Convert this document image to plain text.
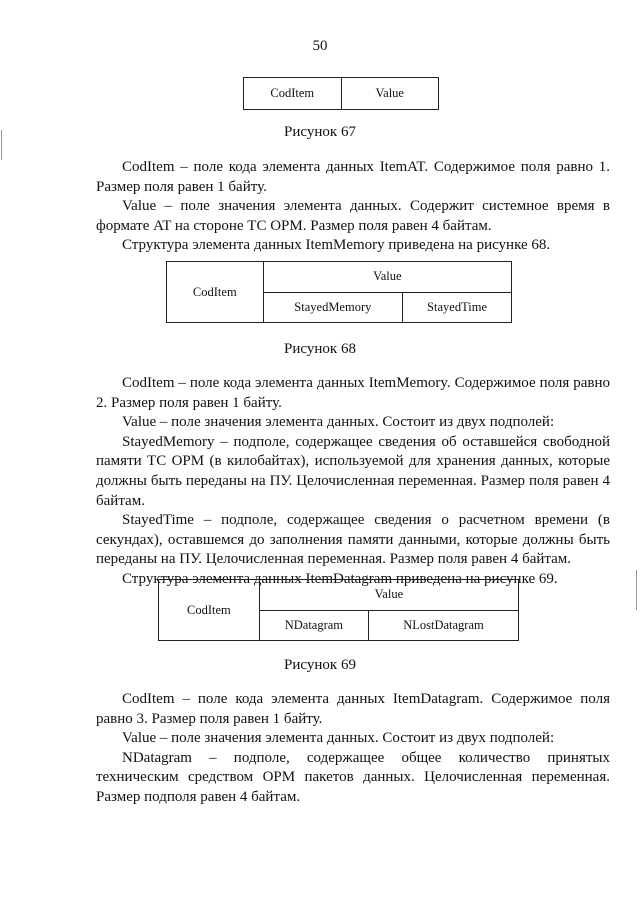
50
CodItem	Value
Рисунок 67

CodItem – поле кода элемента данных ItemAT. Содержимое поля равно 1. Размер поля равен 1 байту.

Value – поле значения элемента данных. Содержит системное время в формате AT на стороне ТС ОРМ. Размер поля равен 4 байтам.

Структура элемента данных ItemMemory приведена на рисунке 68.

CodItem	Value	
	StayedMemory	StayedTime
Рисунок 68

CodItem – поле кода элемента данных ItemMemory. Содержимое поля равно 2. Размер поля равен 1 байту.

Value – поле значения элемента данных. Состоит из двух подполей:

StayedMemory – подполе, содержащее сведения об оставшейся свободной памяти ТС ОРМ (в килобайтах), используемой для хранения данных, которые должны быть переданы на ПУ. Целочисленная переменная. Размер поля равен 4 байтам.

StayedTime – подполе, содержащее сведения о расчетном времени (в секундах), оставшемся до заполнения памяти данными, которые должны быть переданы на ПУ. Целочисленная переменная. Размер поля равен 4 байтам.

Структура элемента данных ItemDatagram приведена на рисунке 69.

CodItem	Value	
	NDatagram	NLostDatagram
Рисунок 69

CodItem – поле кода элемента данных ItemDatagram. Содержимое поля равно 3. Размер поля равен 1 байту.

Value – поле значения элемента данных. Состоит из двух подполей:

NDatagram – подполе, содержащее общее количество принятых техническим средством ОРМ пакетов данных. Целочисленная переменная. Размер подполя равен 4 байтам.
